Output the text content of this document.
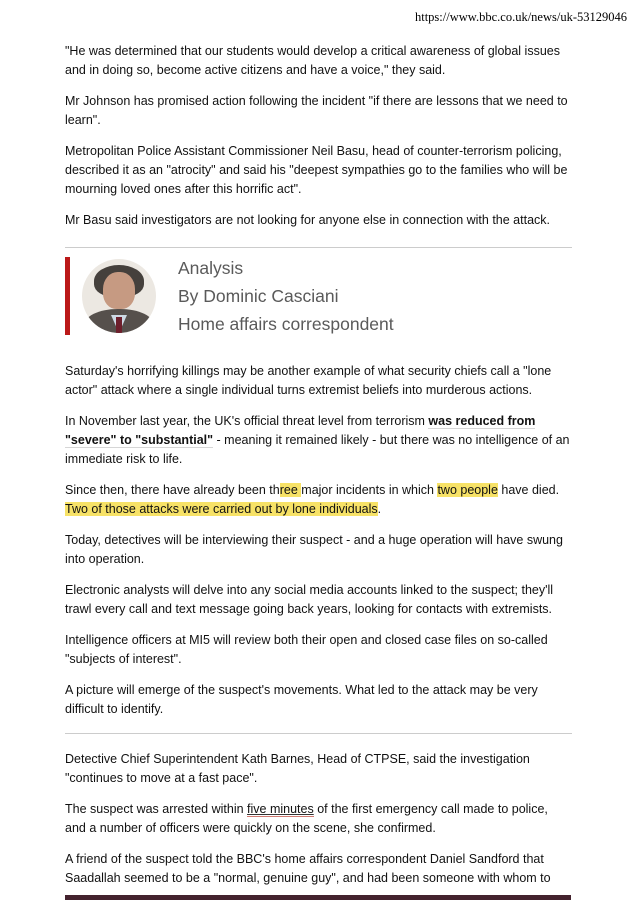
https://www.bbc.co.uk/news/uk-53129046

"He was determined that our students would develop a critical awareness of global issues and in doing so, become active citizens and have a voice," they said.

Mr Johnson has promised action following the incident "if there are lessons that we need to learn".

Metropolitan Police Assistant Commissioner Neil Basu, head of counter-terrorism policing, described it as an "atrocity" and said his "deepest sympathies go to the families who will be mourning loved ones after this horrific act".

Mr Basu said investigators are not looking for anyone else in connection with the attack.

Analysis
By Dominic Casciani
Home affairs correspondent

Saturday's horrifying killings may be another example of what security chiefs call a "lone actor" attack where a single individual turns extremist beliefs into murderous actions.

In November last year, the UK's official threat level from terrorism was reduced from "severe" to "substantial" - meaning it remained likely - but there was no intelligence of an immediate risk to life.

Since then, there have already been three major incidents in which two people have died. Two of those attacks were carried out by lone individuals.

Today, detectives will be interviewing their suspect - and a huge operation will have swung into operation.

Electronic analysts will delve into any social media accounts linked to the suspect; they'll trawl every call and text message going back years, looking for contacts with extremists.

Intelligence officers at MI5 will review both their open and closed case files on so-called "subjects of interest".

A picture will emerge of the suspect's movements. What led to the attack may be very difficult to identify.

Detective Chief Superintendent Kath Barnes, Head of CTPSE, said the investigation "continues to move at a fast pace".

The suspect was arrested within five minutes of the first emergency call made to police, and a number of officers were quickly on the scene, she confirmed.

A friend of the suspect told the BBC's home affairs correspondent Daniel Sandford that Saadallah seemed to be a "normal, genuine guy", and had been someone with whom to
